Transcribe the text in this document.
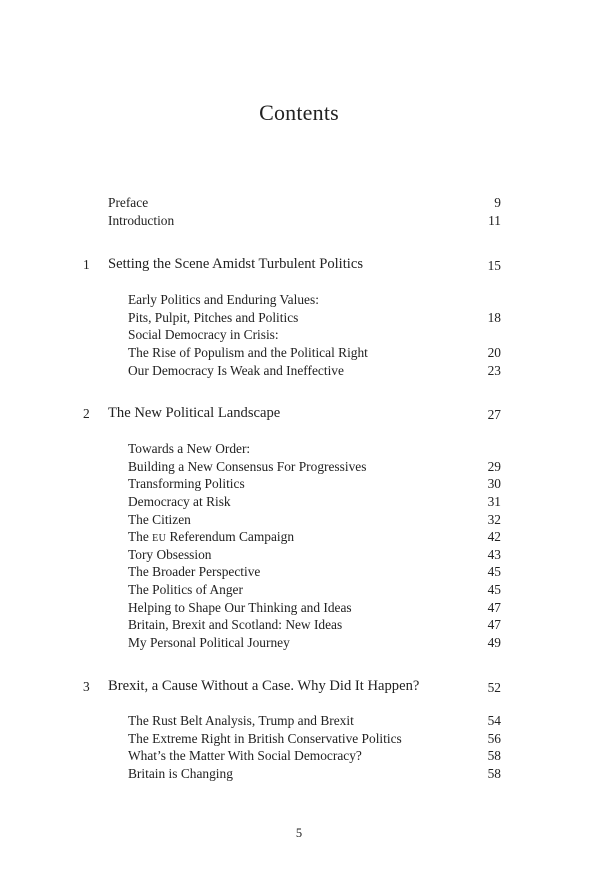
Contents
Preface	9
Introduction	11
1 Setting the Scene Amidst Turbulent Politics	15
Early Politics and Enduring Values:
Pits, Pulpit, Pitches and Politics	18
Social Democracy in Crisis:
The Rise of Populism and the Political Right	20
Our Democracy Is Weak and Ineffective	23
2 The New Political Landscape	27
Towards a New Order:
Building a New Consensus For Progressives	29
Transforming Politics	30
Democracy at Risk	31
The Citizen	32
The EU Referendum Campaign	42
Tory Obsession	43
The Broader Perspective	45
The Politics of Anger	45
Helping to Shape Our Thinking and Ideas	47
Britain, Brexit and Scotland: New Ideas	47
My Personal Political Journey	49
3 Brexit, a Cause Without a Case. Why Did It Happen?	52
The Rust Belt Analysis, Trump and Brexit	54
The Extreme Right in British Conservative Politics	56
What’s the Matter With Social Democracy?	58
Britain is Changing	58
5
